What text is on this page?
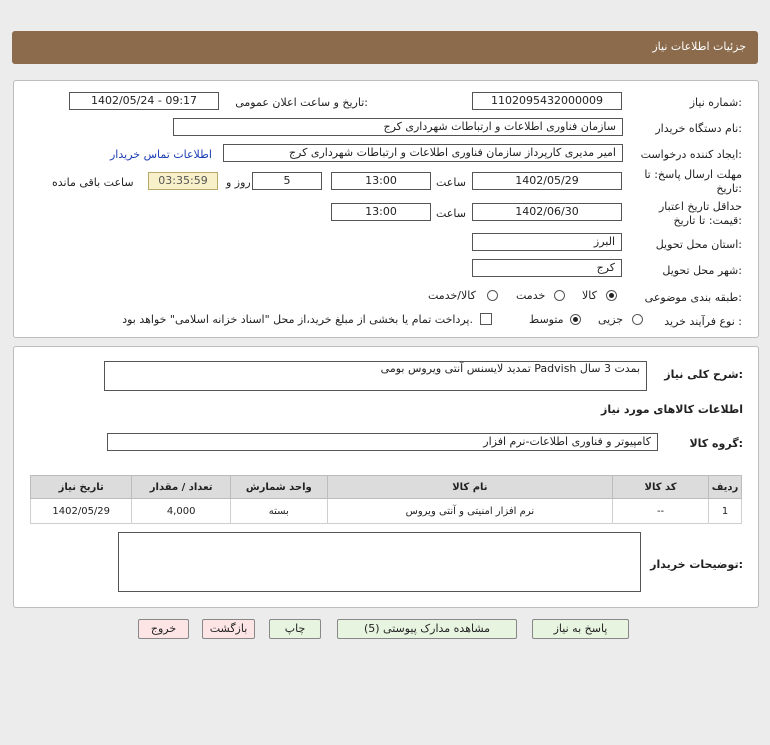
جزئیات اطلاعات نیاز
شماره نیاز:
1102095432000009
تاریخ و ساعت اعلان عمومی:
1402/05/24 - 09:17
نام دستگاه خریدار:
سازمان فناوری اطلاعات و ارتباطات شهرداری کرج
ایجاد کننده درخواست:
امیر مدیری کارپرداز سازمان فناوری اطلاعات و ارتباطات شهرداری کرج
اطلاعات تماس خریدار
مهلت ارسال پاسخ: تا
تاریخ:
1402/05/29
ساعت
13:00
5
روز و
03:35:59
ساعت باقی مانده
حداقل تاریخ اعتبار
قیمت: تا تاریخ:
1402/06/30
ساعت
13:00
استان محل تحویل:
البرز
شهر محل تحویل:
کرج
طبقه بندی موضوعی:
کالا
خدمت
کالا/خدمت
نوع فرآیند خرید :
جزیی
متوسط
پرداخت تمام یا بخشی از مبلغ خرید،از محل "اسناد خزانه اسلامی" خواهد بود.
شرح کلی نیاز:
تمدید لایسنس آنتی ویروس بومی Padvish بمدت 3 سال
اطلاعات کالاهای مورد نیاز
گروه کالا:
کامپیوتر و فناوری اطلاعات-نرم افزار
تاریخ نیاز	تعداد / مقدار	واحد شمارش	نام کالا	کد کالا	ردیف
1402/05/29	4,000	بسته	نرم افزار امنیتی و آنتی ویروس	--	1
توضیحات خریدار:
پاسخ به نیاز
مشاهده مدارک پیوستی (5)
چاپ
بازگشت
خروج
